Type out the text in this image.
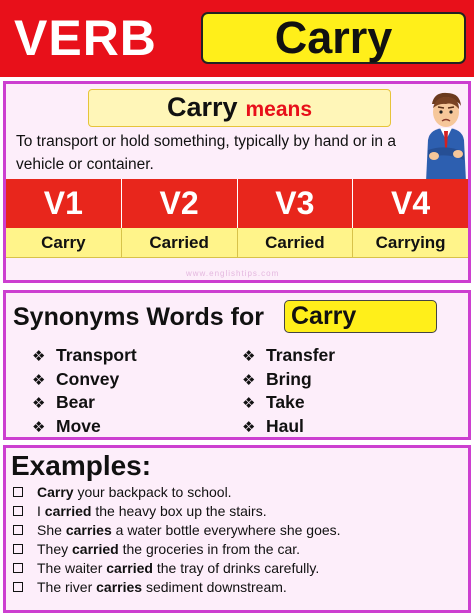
VERB	Carry
Carry means
To transport or hold something, typically by hand or in a vehicle or container.
V1	V2	V3	V4
Carry	Carried	Carried	Carrying
www.englishtips.com
Synonyms Words for Carry
❖ Transport
❖ Convey
❖ Bear
❖ Move
❖ Transfer
❖ Bring
❖ Take
❖ Haul
Examples:
Carry your backpack to school.
I carried the heavy box up the stairs.
She carries a water bottle everywhere she goes.
They carried the groceries in from the car.
The waiter carried the tray of drinks carefully.
The river carries sediment downstream.
